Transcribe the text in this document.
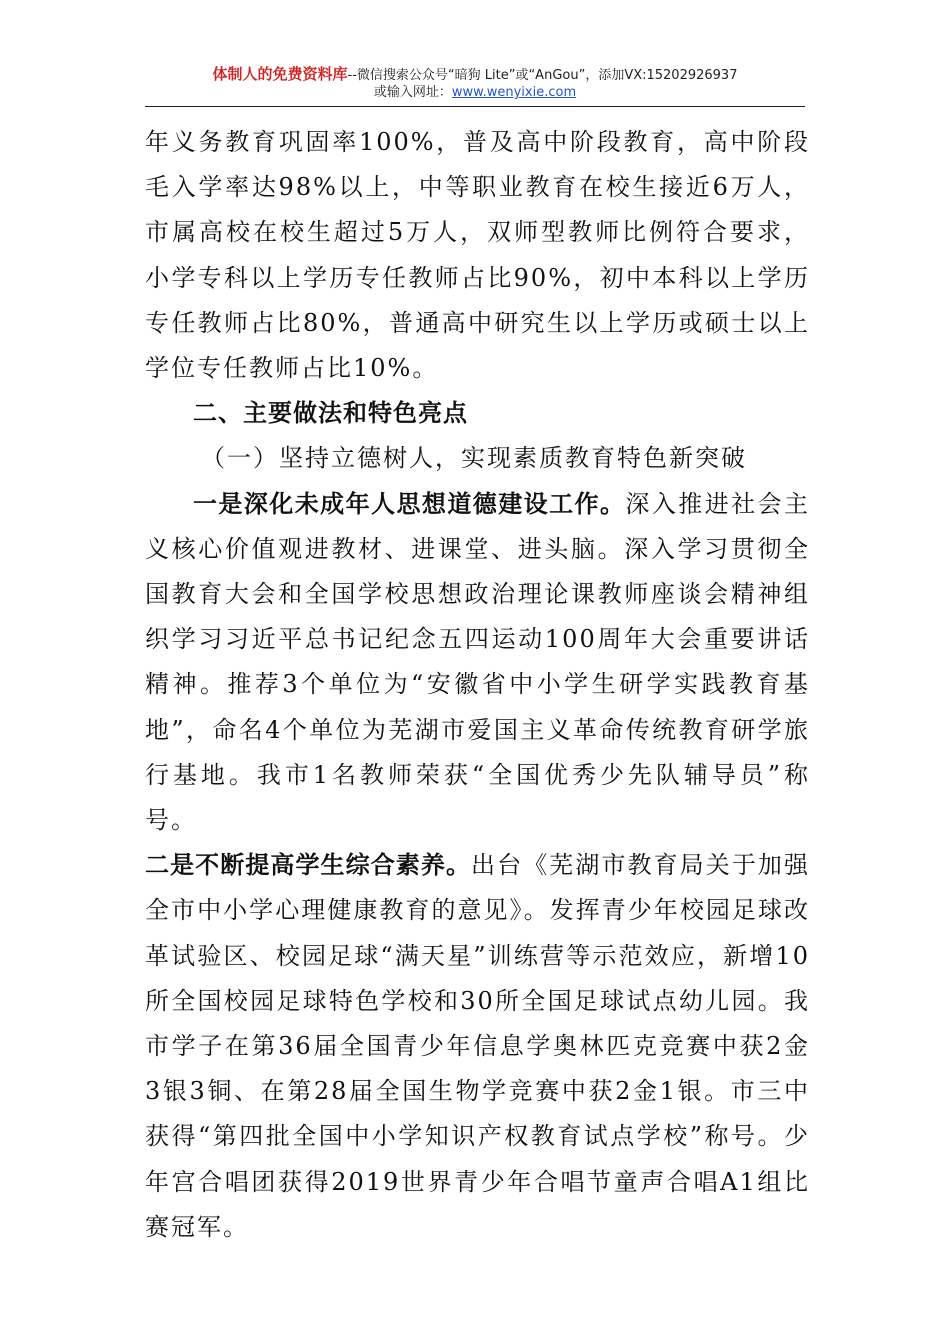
体制人的免费资料库--微信搜索公众号“暗狗 Lite”或“AnGou”，添加VX:15202926937
或输入网址：www.wenyixie.com

年义务教育巩固率100%，普及高中阶段教育，高中阶段毛入学率达98%以上，中等职业教育在校生接近6万人，市属高校在校生超过5万人，双师型教师比例符合要求，小学专科以上学历专任教师占比90%，初中本科以上学历专任教师占比80%，普通高中研究生以上学历或硕士以上学位专任教师占比10%。

二、主要做法和特色亮点

（一）坚持立德树人，实现素质教育特色新突破

一是深化未成年人思想道德建设工作。深入推进社会主义核心价值观进教材、进课堂、进头脑。深入学习贯彻全国教育大会和全国学校思想政治理论课教师座谈会精神组织学习习近平总书记纪念五四运动100周年大会重要讲话精神。推荐3个单位为“安徽省中小学生研学实践教育基地”，命名4个单位为芜湖市爱国主义革命传统教育研学旅行基地。我市1名教师荣获“全国优秀少先队辅导员”称号。

二是不断提高学生综合素养。出台《芜湖市教育局关于加强全市中小学心理健康教育的意见》。发挥青少年校园足球改革试验区、校园足球“满天星”训练营等示范效应，新增10所全国校园足球特色学校和30所全国足球试点幼儿园。我市学子在第36届全国青少年信息学奥林匹克竞赛中获2金3银3铜、在第28届全国生物学竞赛中获2金1银。市三中获得“第四批全国中小学知识产权教育试点学校”称号。少年宫合唱团获得2019世界青少年合唱节童声合唱A1组比赛冠军。
